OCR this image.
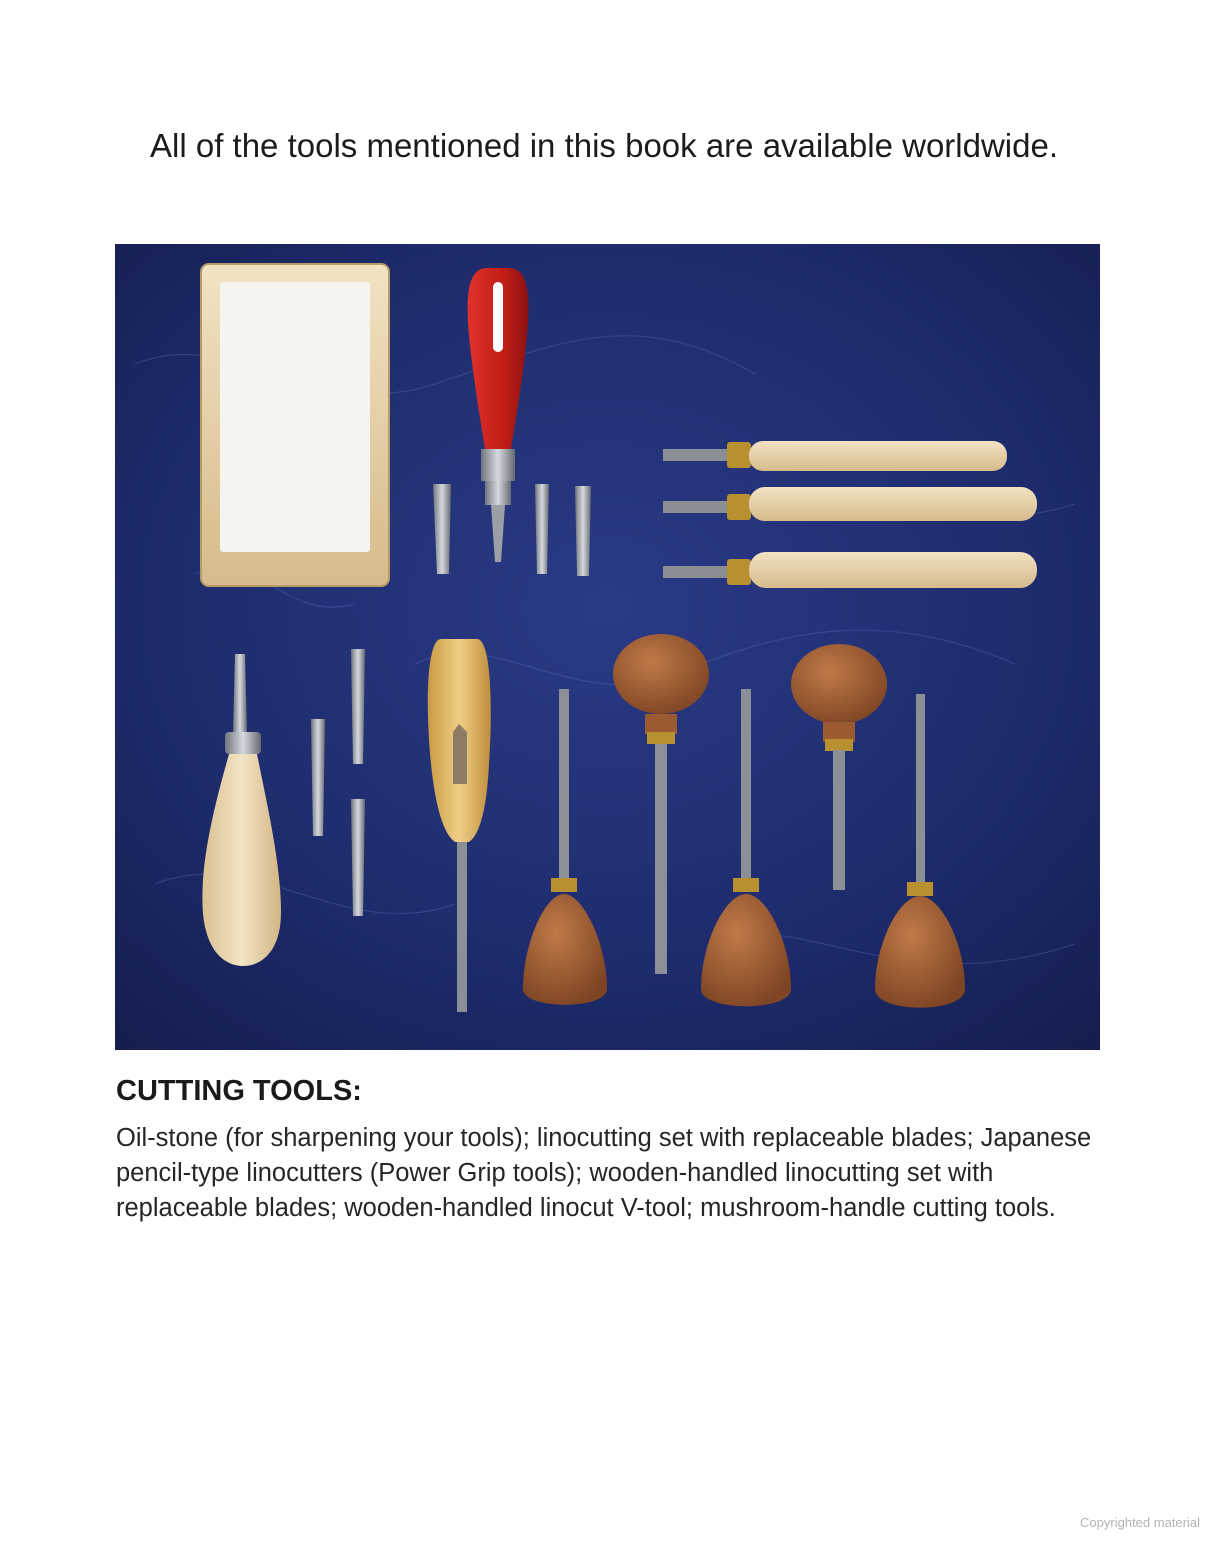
All of the tools mentioned in this book are available worldwide.

CUTTING TOOLS:

Oil-stone (for sharpening your tools); linocutting set with replaceable blades; Japanese pencil-type linocutters (Power Grip tools); wooden-handled linocutting set with replaceable blades; wooden-handled linocut V-tool; mushroom-handle cutting tools.

Copyrighted material
